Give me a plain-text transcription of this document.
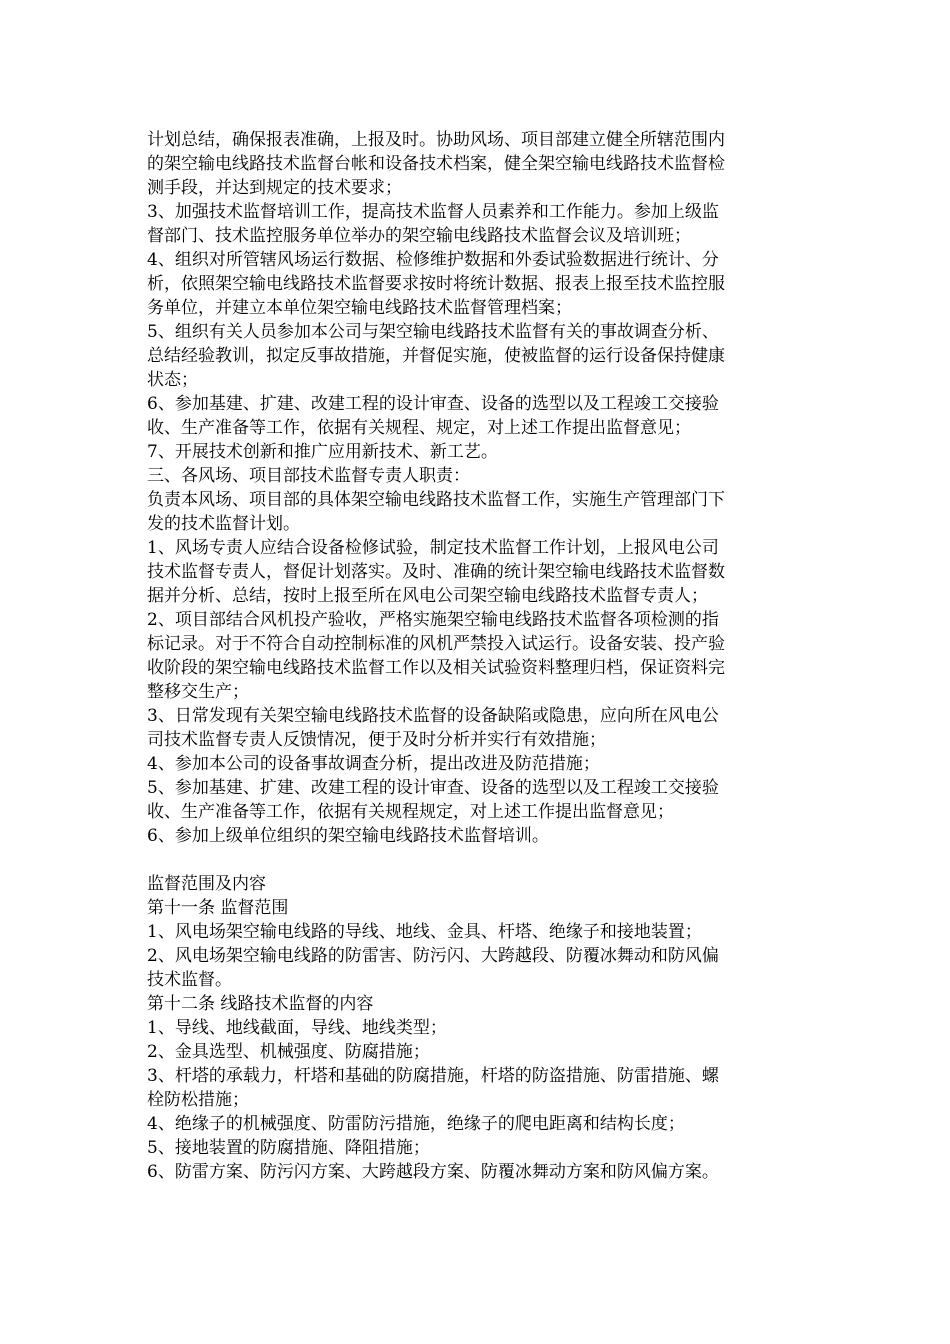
计划总结，确保报表准确，上报及时。协助风场、项目部建立健全所辖范围内
的架空输电线路技术监督台帐和设备技术档案，健全架空输电线路技术监督检
测手段，并达到规定的技术要求；
3、加强技术监督培训工作，提高技术监督人员素养和工作能力。参加上级监
督部门、技术监控服务单位举办的架空输电线路技术监督会议及培训班；
4、组织对所管辖风场运行数据、检修维护数据和外委试验数据进行统计、分
析，依照架空输电线路技术监督要求按时将统计数据、报表上报至技术监控服
务单位，并建立本单位架空输电线路技术监督管理档案；
5、组织有关人员参加本公司与架空输电线路技术监督有关的事故调查分析、
总结经验教训，拟定反事故措施，并督促实施，使被监督的运行设备保持健康
状态；
6、参加基建、扩建、改建工程的设计审查、设备的选型以及工程竣工交接验
收、生产准备等工作，依据有关规程、规定，对上述工作提出监督意见；
7、开展技术创新和推广应用新技术、新工艺。
三、各风场、项目部技术监督专责人职责：
负责本风场、项目部的具体架空输电线路技术监督工作，实施生产管理部门下
发的技术监督计划。
1、风场专责人应结合设备检修试验，制定技术监督工作计划，上报风电公司
技术监督专责人，督促计划落实。及时、准确的统计架空输电线路技术监督数
据并分析、总结，按时上报至所在风电公司架空输电线路技术监督专责人；
2、项目部结合风机投产验收，严格实施架空输电线路技术监督各项检测的指
标记录。对于不符合自动控制标准的风机严禁投入试运行。设备安装、投产验
收阶段的架空输电线路技术监督工作以及相关试验资料整理归档，保证资料完
整移交生产；
3、日常发现有关架空输电线路技术监督的设备缺陷或隐患，应向所在风电公
司技术监督专责人反馈情况，便于及时分析并实行有效措施；
4、参加本公司的设备事故调查分析，提出改进及防范措施；
5、参加基建、扩建、改建工程的设计审查、设备的选型以及工程竣工交接验
收、生产准备等工作，依据有关规程规定，对上述工作提出监督意见；
6、参加上级单位组织的架空输电线路技术监督培训。
监督范围及内容
第十一条 监督范围
1、风电场架空输电线路的导线、地线、金具、杆塔、绝缘子和接地装置；
2、风电场架空输电线路的防雷害、防污闪、大跨越段、防覆冰舞动和防风偏
技术监督。
第十二条 线路技术监督的内容
1、导线、地线截面，导线、地线类型；
2、金具选型、机械强度、防腐措施；
3、杆塔的承载力，杆塔和基础的防腐措施，杆塔的防盗措施、防雷措施、螺
栓防松措施；
4、绝缘子的机械强度、防雷防污措施，绝缘子的爬电距离和结构长度；
5、接地装置的防腐措施、降阻措施；
6、防雷方案、防污闪方案、大跨越段方案、防覆冰舞动方案和防风偏方案。
